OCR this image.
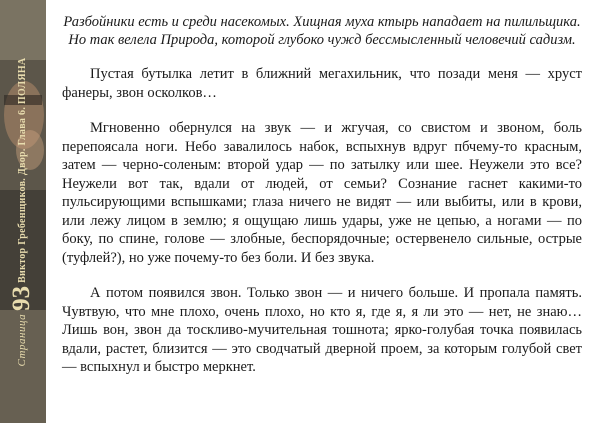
Страница93Виктор Гребенщиков. Двор. Глава 6. ПОЛЯНА

Разбойники есть и среди насекомых. Хищная муха ктырь нападает на пилильщика. Но так велела Природа, которой глубоко чужд бессмысленный человечий садизм.

Пустая бутылка летит в ближний мегахильник, что позади меня — хруст фанеры, звон осколков…

Мгновенно обернулся на звук — и жгучая, со свистом и звоном, боль перепоясала ноги. Небо завалилось набок, вспыхнув вдруг пбчему-то красным, затем — черно-соленым: второй удар — по затылку или шее. Неужели это все? Неужели вот так, вдали от людей, от семьи? Сознание гаснет какими-то пульсирующими вспышками; глаза ничего не видят — или выбиты, или в крови, или лежу лицом в землю; я ощущаю лишь удары, уже не цепью, а ногами — по боку, по спине, голове — злобные, беспорядочные; остервенело сильные, острые (туфлей?), но уже почему-то без боли. И без звука.

А потом появился звон. Только звон — и ничего больше. И пропала память. Чувтвую, что мне плохо, очень плохо, но кто я, где я, я ли это — нет, не знаю… Лишь вон, звон да тоскливо-мучительная тошнота; ярко-голубая точка появилась вдали, растет, близится — это сводчатый дверной проем, за которым голубой свет — вспыхнул и быстро меркнет.
